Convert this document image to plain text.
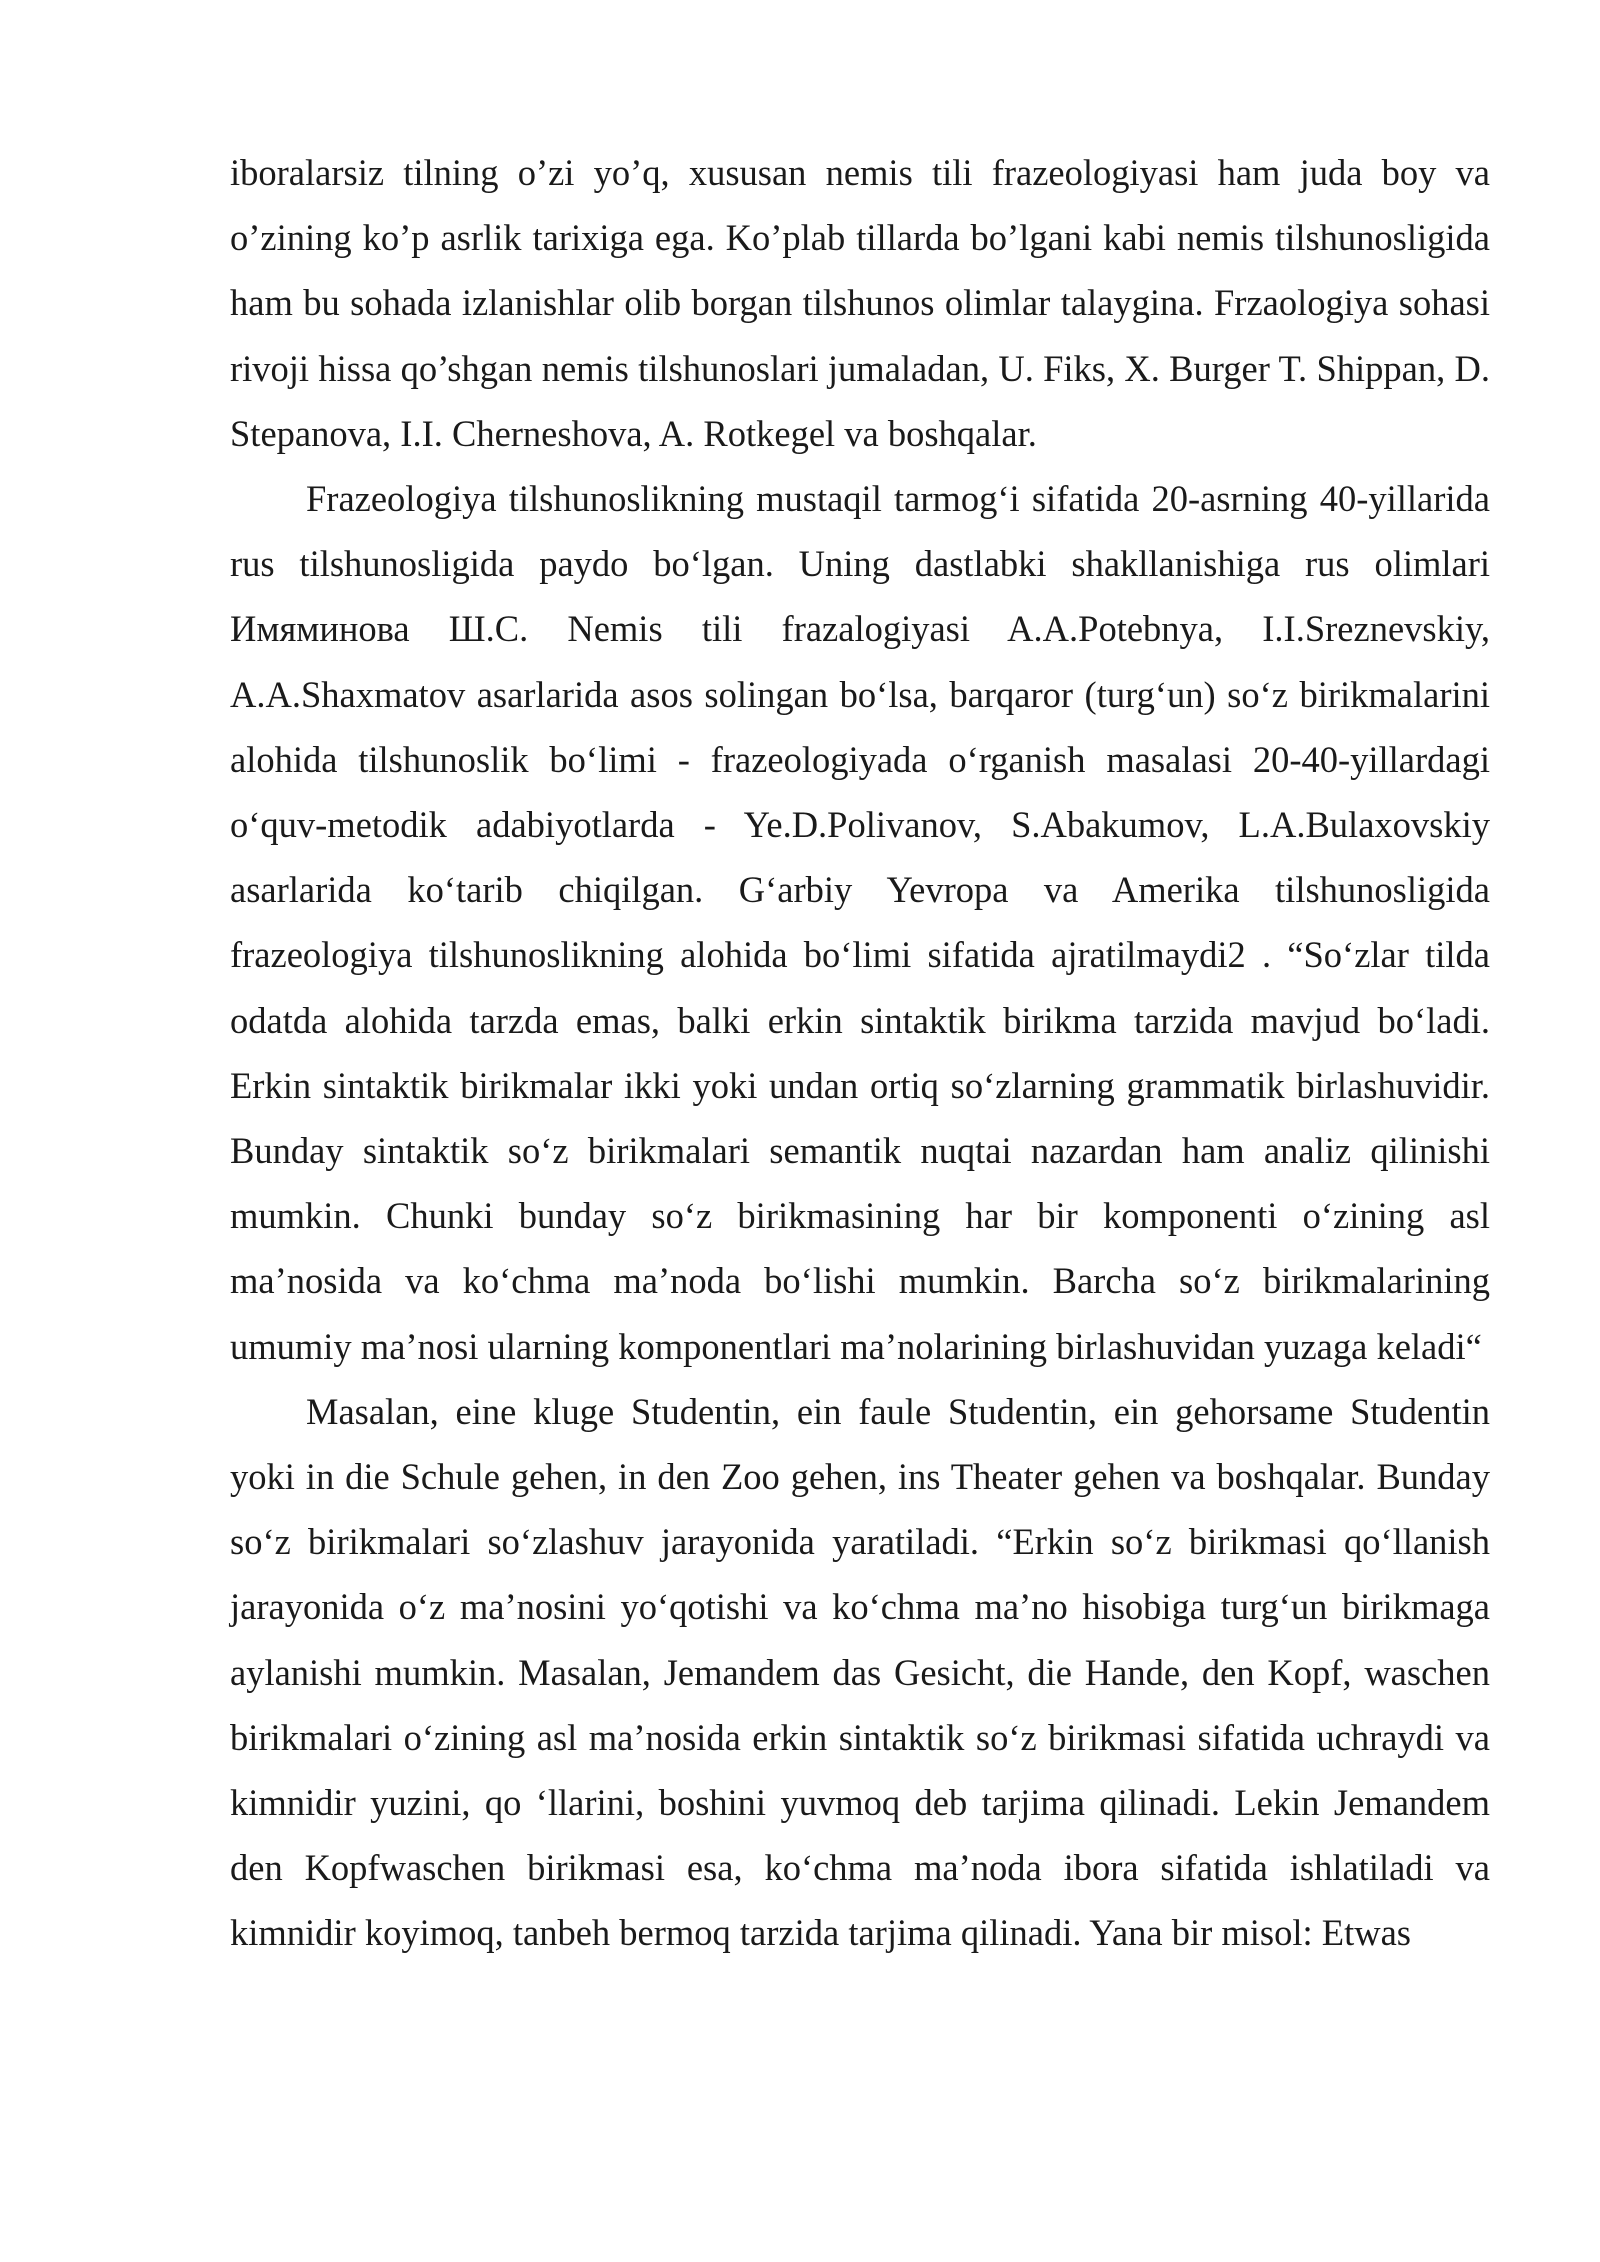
iboralarsiz tilning o’zi yo’q, xususan nemis tili frazeologiyasi ham juda boy va o’zining ko’p asrlik tarixiga ega. Ko’plab tillarda bo’lgani kabi nemis tilshunosligida ham bu sohada izlanishlar olib borgan tilshunos olimlar talaygina. Frzaologiya sohasi rivoji hissa qo’shgan nemis tilshunoslari jumaladan, U. Fiks, X. Burger T. Shippan, D. Stepanova, I.I. Cherneshova, A. Rotkegel va boshqalar.

Frazeologiya tilshunoslikning mustaqil tarmog‘i sifatida 20-asrning 40-yillarida rus tilshunosligida paydo bo‘lgan. Uning dastlabki shakllanishiga rus olimlari Имяминова Ш.С. Nemis tili frazalogiyasi A.A.Potebnya, I.I.Sreznevskiy, A.A.Shaxmatov asarlarida asos solingan bo‘lsa, barqaror (turg‘un) so‘z birikmalarini alohida tilshunoslik bo‘limi - frazeologiyada o‘rganish masalasi 20-40-yillardagi o‘quv-metodik adabiyotlarda - Ye.D.Polivanov, S.Abakumov, L.A.Bulaxovskiy asarlarida ko‘tarib chiqilgan. G‘arbiy Yevropa va Amerika tilshunosligida frazeologiya tilshunoslikning alohida bo‘limi sifatida ajratilmaydi2 . “So‘zlar tilda odatda alohida tarzda emas, balki erkin sintaktik birikma tarzida mavjud bo‘ladi. Erkin sintaktik birikmalar ikki yoki undan ortiq so‘zlarning grammatik birlashuvidir. Bunday sintaktik so‘z birikmalari semantik nuqtai nazardan ham analiz qilinishi mumkin. Chunki bunday so‘z birikmasining har bir komponenti o‘zining asl ma’nosida va ko‘chma ma’noda bo‘lishi mumkin. Barcha so‘z birikmalarining umumiy ma’nosi ularning komponentlari ma’nolarining birlashuvidan yuzaga keladi“

Masalan, eine kluge Studentin, ein faule Studentin, ein gehorsame Studentin yoki in die Schule gehen, in den Zoo gehen, ins Theater gehen va boshqalar. Bunday so‘z birikmalari so‘zlashuv jarayonida yaratiladi. “Erkin so‘z birikmasi qo‘llanish jarayonida o‘z ma’nosini yo‘qotishi va ko‘chma ma’no hisobiga turg‘un birikmaga aylanishi mumkin. Masalan, Jemandem das Gesicht, die Hande, den Kopf, waschen birikmalari o‘zining asl ma’nosida erkin sintaktik so‘z birikmasi sifatida uchraydi va kimnidir yuzini, qo ‘llarini, boshini yuvmoq deb tarjima qilinadi. Lekin Jemandem den Kopfwaschen birikmasi esa, ko‘chma ma’noda ibora sifatida ishlatiladi va kimnidir koyimoq, tanbeh bermoq tarzida tarjima qilinadi. Yana bir misol: Etwas
